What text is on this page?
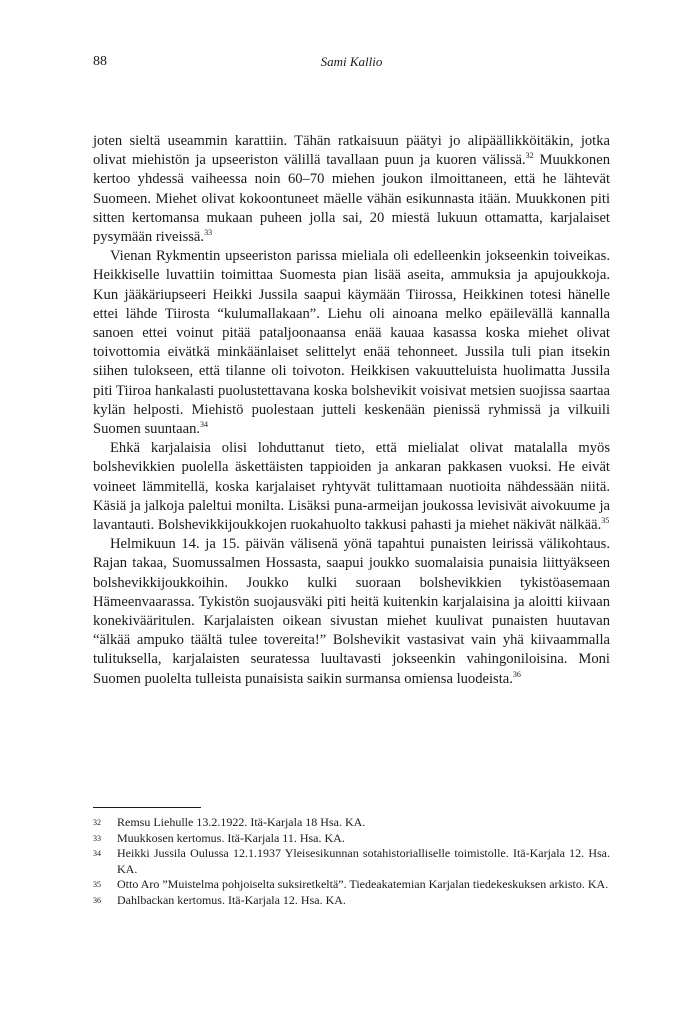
88	Sami Kallio

joten sieltä useammin karattiin. Tähän ratkaisuun päätyi jo alipäällikköitäkin, jotka olivat miehistön ja upseeriston välillä tavallaan puun ja kuoren välissä.$^{32}$ Muukkonen kertoo yhdessä vaiheessa noin 60–70 miehen joukon ilmoittaneen, että he lähtevät Suomeen. Miehet olivat kokoontuneet mäelle vähän esikunnasta itään. Muukkonen piti sitten kertomansa mukaan puheen jolla sai, 20 miestä lukuun ottamatta, karjalaiset pysymään riveissä.$^{33}$

Vienan Rykmentin upseeriston parissa mieliala oli edelleenkin jokseenkin toiveikas. Heikkiselle luvattiin toimittaa Suomesta pian lisää aseita, ammuksia ja apujoukkoja. Kun jääkäriupseeri Heikki Jussila saapui käymään Tiirossa, Heikkinen totesi hänelle ettei lähde Tiirosta “kulumallakaan”. Liehu oli ainoana melko epäilevällä kannalla sanoen ettei voinut pitää pataljoonaansa enää kauaa kasassa koska miehet olivat toivottomia eivätkä minkäänlaiset selittelyt enää tehonneet. Jussila tuli pian itsekin siihen tulokseen, että tilanne oli toivoton. Heikkisen vakuutteluista huolimatta Jussila piti Tiiroa hankalasti puolustettavana koska bolshevikit voisivat metsien suojissa saartaa kylän helposti. Miehistö puolestaan jutteli keskenään pienissä ryhmissä ja vilkuili Suomen suuntaan.$^{34}$

Ehkä karjalaisia olisi lohduttanut tieto, että mielialat olivat matalalla myös bolshevikkien puolella äskettäisten tappioiden ja ankaran pakkasen vuoksi. He eivät voineet lämmitellä, koska karjalaiset ryhtyvät tulittamaan nuotioita nähdessään niitä. Käsiä ja jalkoja paleltui monilta. Lisäksi puna-armeijan joukossa levisivät aivokuume ja lavantauti. Bolshevikkijoukkojen ruokahuolto takkusi pahasti ja miehet näkivät nälkää.$^{35}$

Helmikuun 14. ja 15. päivän välisenä yönä tapahtui punaisten leirissä välikohtaus. Rajan takaa, Suomussalmen Hossasta, saapui joukko suomalaisia punaisia liittyäkseen bolshevikkijoukkoihin. Joukko kulki suoraan bolshevikkien tykistöasemaan Hämeenvaarassa. Tykistön suojausväki piti heitä kuitenkin karjalaisina ja aloitti kiivaan konekivääritulen. Karjalaisten oikean sivustan miehet kuulivat punaisten huutavan “älkää ampuko täältä tulee tovereita!” Bolshevikit vastasivat vain yhä kiivaammalla tulituksella, karjalaisten seuratessa luultavasti jokseenkin vahingoniloisina. Moni Suomen puolelta tulleista punaisista saikin surmansa omiensa luodeista.$^{36}$

32	Remsu Liehulle 13.2.1922. Itä-Karjala 18 Hsa. KA.
33	Muukkosen kertomus. Itä-Karjala 11. Hsa. KA.
34	Heikki Jussila Oulussa 12.1.1937 Yleisesikunnan sotahistorialliselle toimistolle. Itä-Karjala 12. Hsa. KA.
35	Otto Aro ”Muistelma pohjoiselta suksiretkeltä”. Tiedeakatemian Karjalan tiedekeskuksen arkisto. KA.
36	Dahlbackan kertomus. Itä-Karjala 12. Hsa. KA.
